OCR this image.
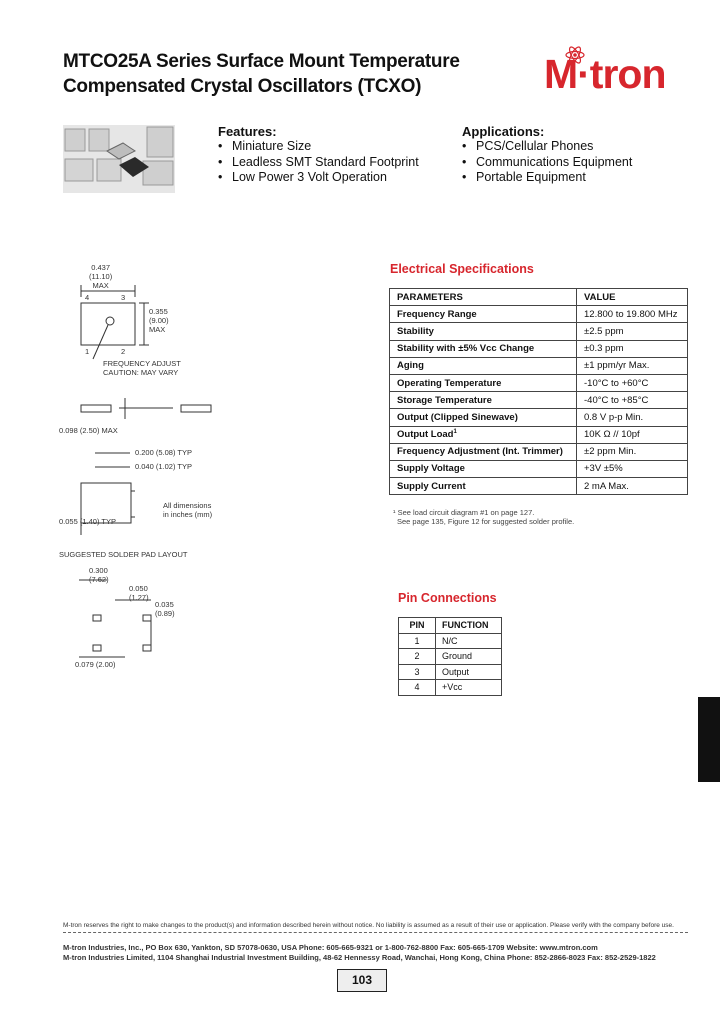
MTCO25A Series Surface Mount Temperature
Compensated Crystal Oscillators (TCXO)	M·tron
Features:
• Miniature Size
• Leadless SMT Standard Footprint
• Low Power 3 Volt Operation
Applications:
• PCS/Cellular Phones
• Communications Equipment
• Portable Equipment
0.437
(11.10)
MAX
4	3
1	2
0.355
(9.00)
MAX
FREQUENCY ADJUST
CAUTION: MAY VARY
0.098 (2.50) MAX
0.200 (5.08) TYP
0.040 (1.02) TYP
All dimensions
in inches (mm)
0.055 (1.40) TYP
SUGGESTED SOLDER PAD LAYOUT
0.300
(7.62)
0.050
(1.27)
0.035
(0.89)
0.079 (2.00)
Electrical Specifications
PARAMETERS	VALUE
Frequency Range	12.800 to 19.800 MHz
Stability	±2.5 ppm
Stability with ±5% Vcc Change	±0.3 ppm
Aging	±1 ppm/yr Max.
Operating Temperature	-10°C to +60°C
Storage Temperature	-40°C to +85°C
Output (Clipped Sinewave)	0.8 V p-p Min.
Output Load$^1$	10K Ω // 10pf
Frequency Adjustment (Int. Trimmer)	±2 ppm Min.
Supply Voltage	+3V ±5%
Supply Current	2 mA Max.
¹ See load circuit diagram #1 on page 127.
See page 135, Figure 12 for suggested solder profile.
Pin Connections
PIN	FUNCTION
1	N/C
2	Ground
3	Output
4	+Vcc
M-tron reserves the right to make changes to the product(s) and information described herein without notice. No liability is assumed as a result of their use or application. Please verify with the company before use.
M-tron Industries, Inc., PO Box 630, Yankton, SD 57078-0630, USA Phone: 605-665-9321 or 1-800-762-8800 Fax: 605-665-1709 Website: www.mtron.com
M-tron Industries Limited, 1104 Shanghai Industrial Investment Building, 48-62 Hennessy Road, Wanchai, Hong Kong, China Phone: 852-2866-8023 Fax: 852-2529-1822
103
